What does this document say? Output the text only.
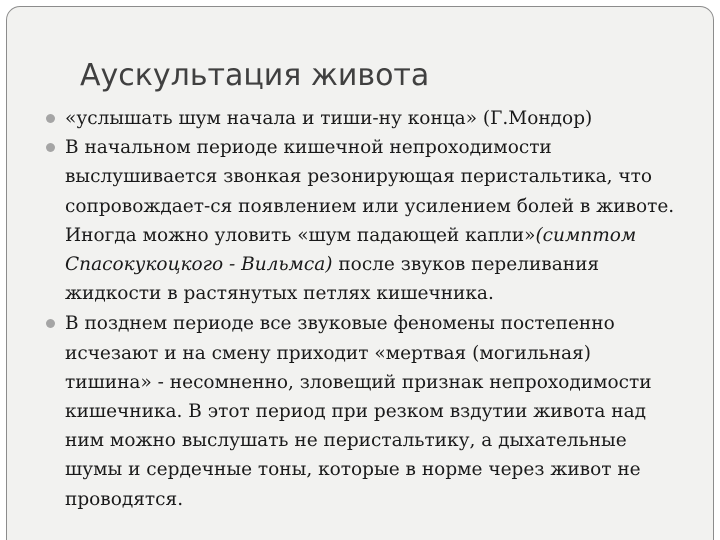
Аускультация живота
«услышать шум начала и тиши-ну конца» (Г.Мондор)
В начальном периоде кишечной непроходимости выслушивается звонкая резонирующая перистальтика, что сопровождает-ся появлением или усилением болей в животе. Иногда можно уловить «шум падающей капли»(симптом Спасокукоцкого - Вильмса) после звуков переливания жидкости в растянутых петлях кишечника.
В позднем периоде все звуковые феномены постепенно исчезают и на смену приходит «мертвая (могильная) тишина» - несомненно, зловещий признак непроходимости кишечника. В этот период при резком вздутии живота над ним можно выслушать не перистальтику, а дыхательные шумы и сердечные тоны, которые в норме через живот не проводятся.
